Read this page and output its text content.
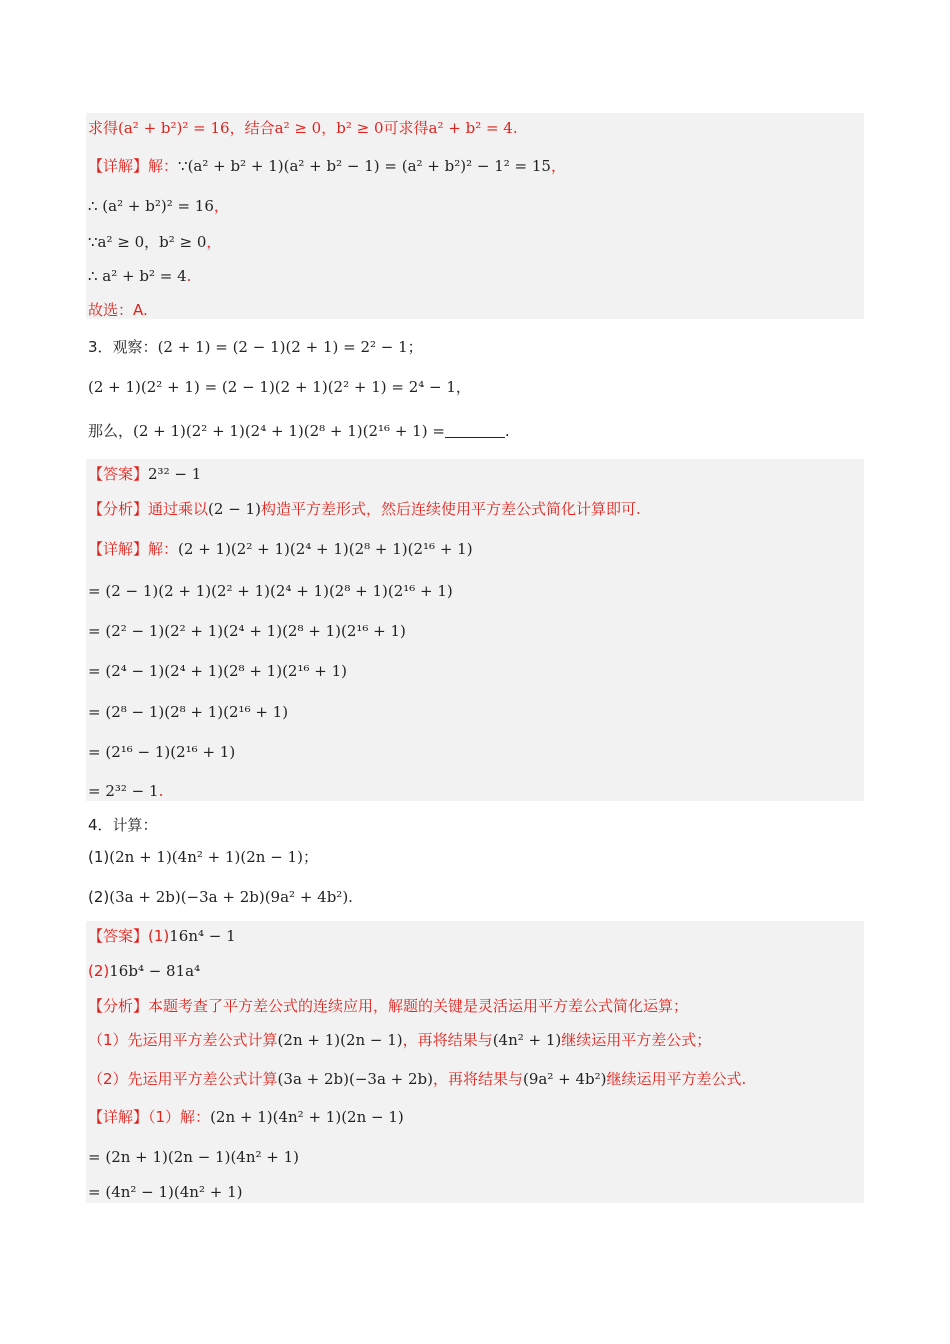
求得(a² + b²)² = 16，结合a² ≥ 0，b² ≥ 0可求得a² + b² = 4.
【详解】解：∵(a² + b² + 1)(a² + b² − 1) = (a² + b²)² − 1² = 15，
∴ (a² + b²)² = 16，
∵a² ≥ 0，b² ≥ 0，
∴ a² + b² = 4.
故选：A.
3．观察：(2 + 1) = (2 − 1)(2 + 1) = 2² − 1；
(2 + 1)(2² + 1) = (2 − 1)(2 + 1)(2² + 1) = 2⁴ − 1，
那么，(2 + 1)(2² + 1)(2⁴ + 1)(2⁸ + 1)(2¹⁶ + 1) =	.
【答案】2³² − 1
【分析】通过乘以(2 − 1)构造平方差形式，然后连续使用平方差公式简化计算即可.
【详解】解：(2 + 1)(2² + 1)(2⁴ + 1)(2⁸ + 1)(2¹⁶ + 1)
= (2 − 1)(2 + 1)(2² + 1)(2⁴ + 1)(2⁸ + 1)(2¹⁶ + 1)
= (2² − 1)(2² + 1)(2⁴ + 1)(2⁸ + 1)(2¹⁶ + 1)
= (2⁴ − 1)(2⁴ + 1)(2⁸ + 1)(2¹⁶ + 1)
= (2⁸ − 1)(2⁸ + 1)(2¹⁶ + 1)
= (2¹⁶ − 1)(2¹⁶ + 1)
= 2³² − 1.
4．计算：
(1)(2n + 1)(4n² + 1)(2n − 1)；
(2)(3a + 2b)(−3a + 2b)(9a² + 4b²).
【答案】(1)16n⁴ − 1
(2)16b⁴ − 81a⁴
【分析】本题考查了平方差公式的连续应用，解题的关键是灵活运用平方差公式简化运算；
（1）先运用平方差公式计算(2n + 1)(2n − 1)，再将结果与(4n² + 1)继续运用平方差公式；
（2）先运用平方差公式计算(3a + 2b)(−3a + 2b)，再将结果与(9a² + 4b²)继续运用平方差公式.
【详解】（1）解：(2n + 1)(4n² + 1)(2n − 1)
= (2n + 1)(2n − 1)(4n² + 1)
= (4n² − 1)(4n² + 1)
